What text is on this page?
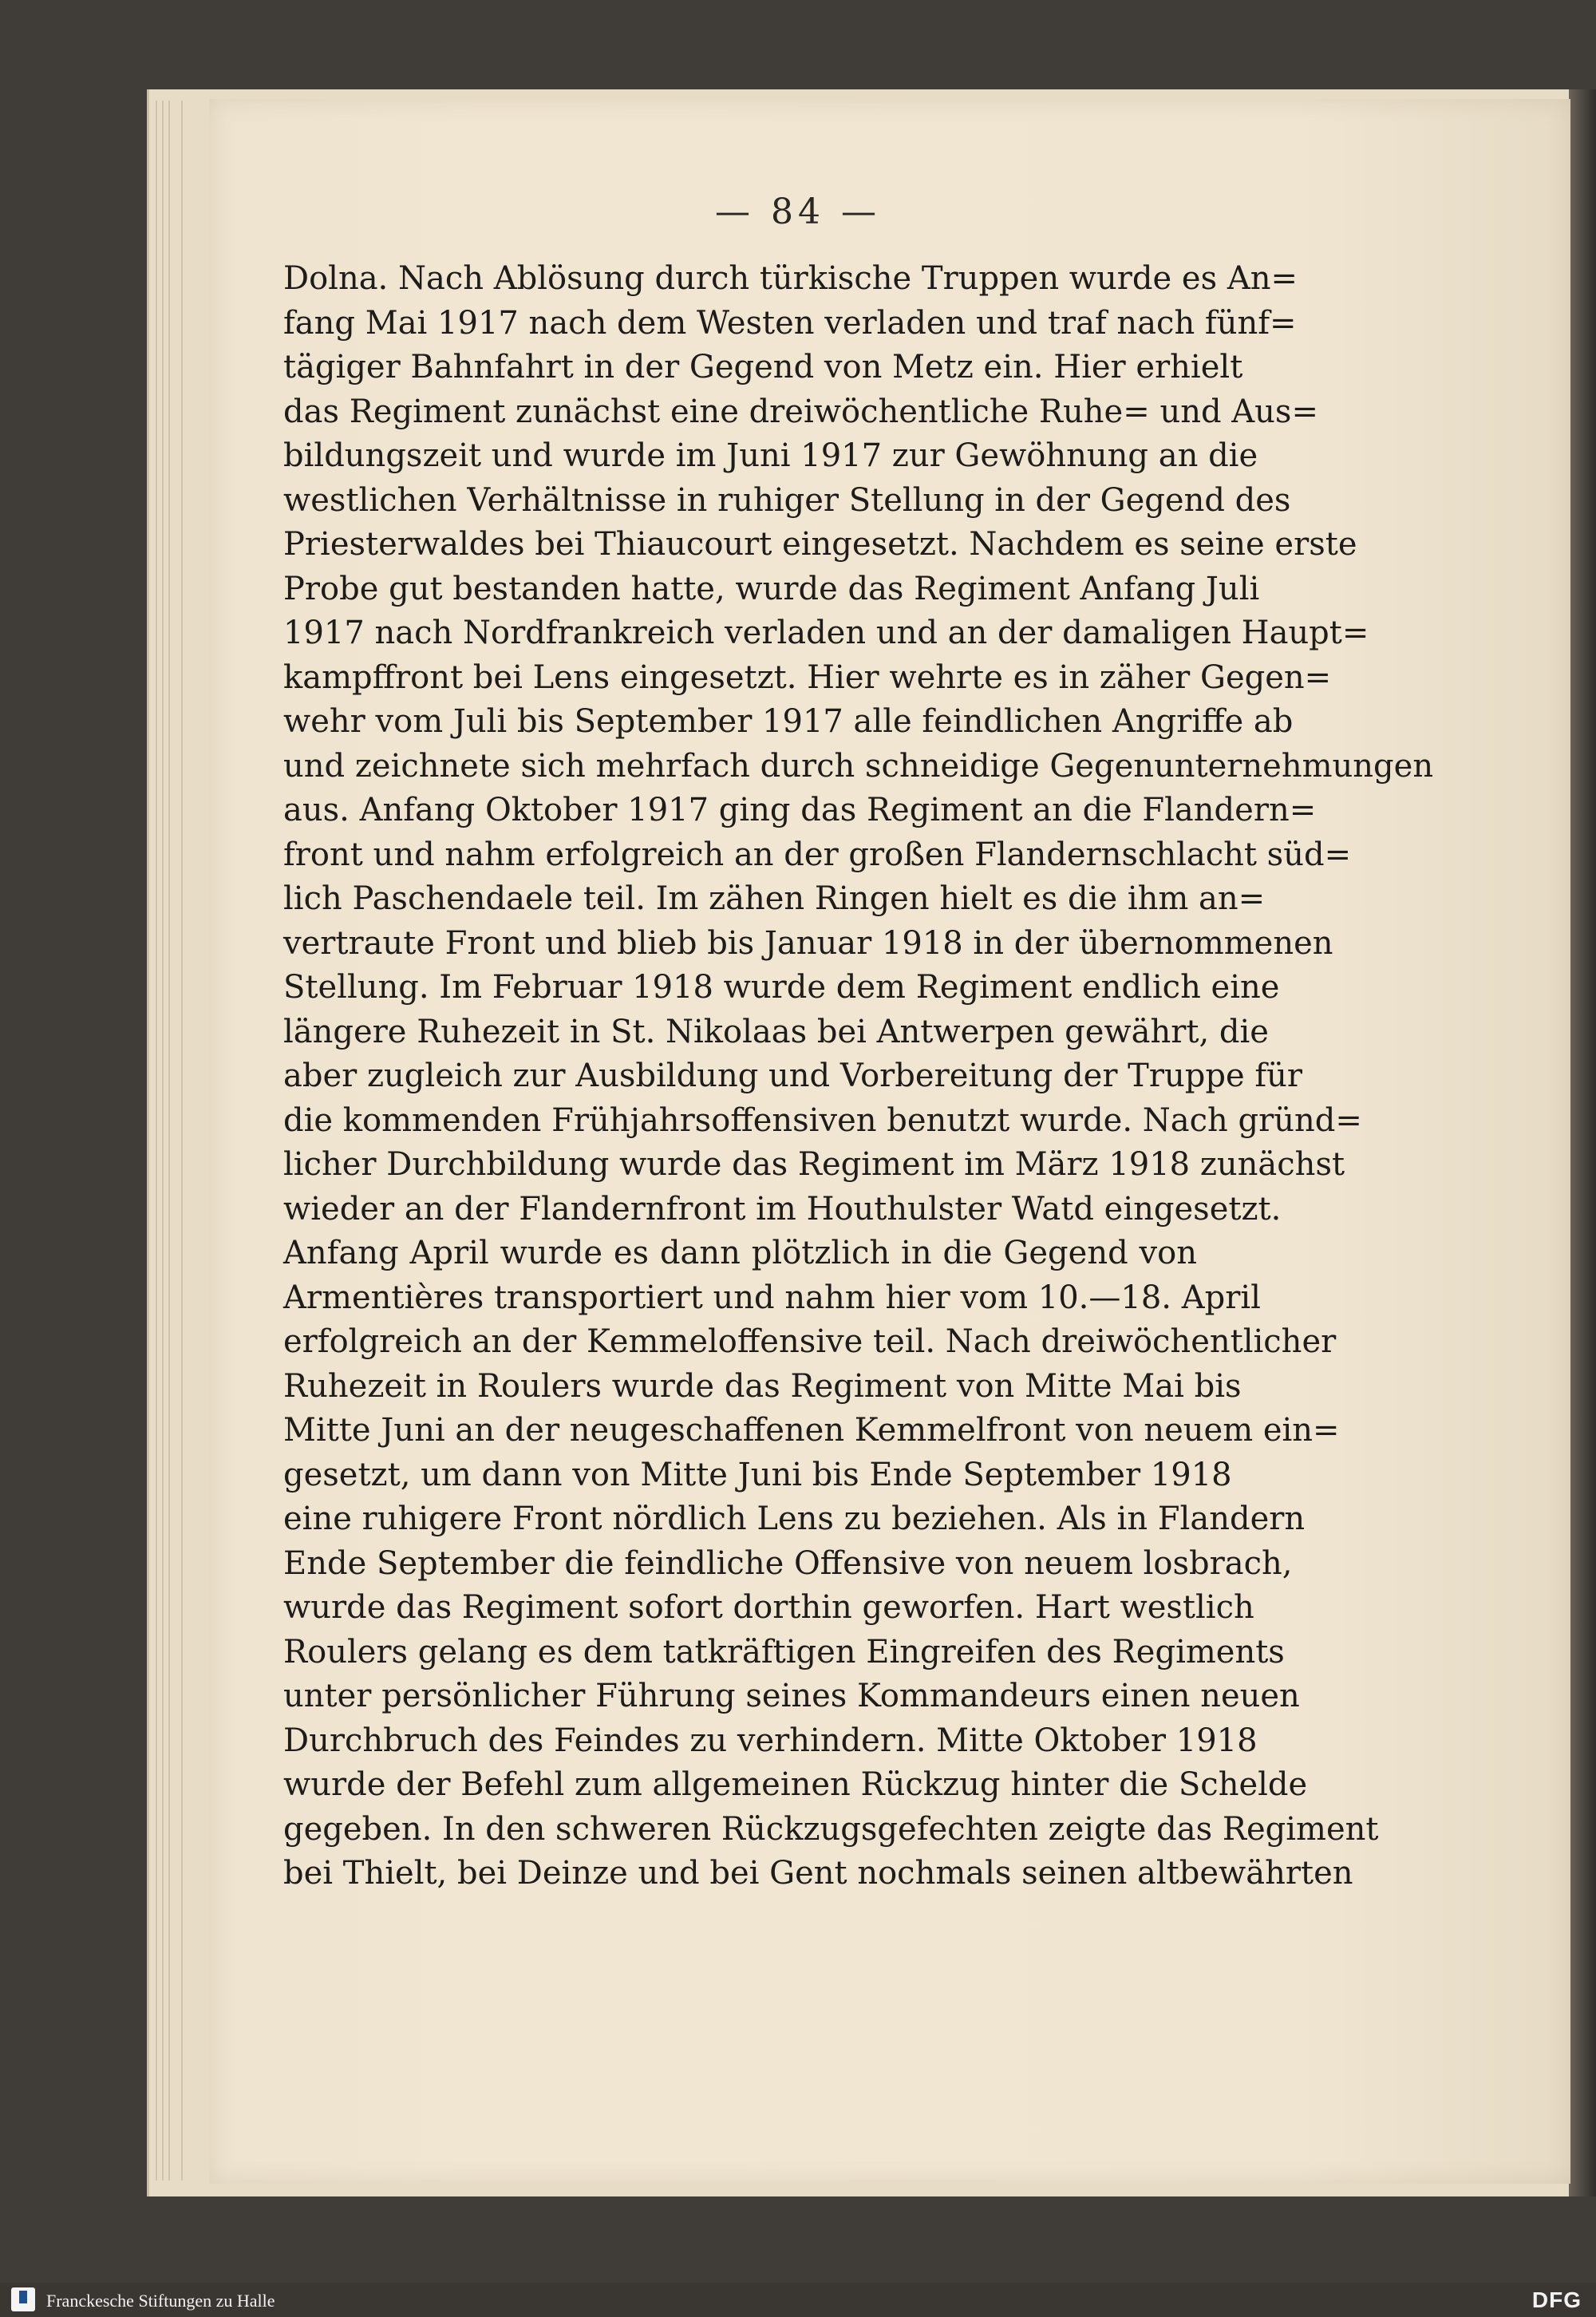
— 84 —
Dolna. Nach Ablösung durch türkische Truppen wurde es An=
fang Mai 1917 nach dem Westen verladen und traf nach fünf=
tägiger Bahnfahrt in der Gegend von Metz ein. Hier erhielt
das Regiment zunächst eine dreiwöchentliche Ruhe= und Aus=
bildungszeit und wurde im Juni 1917 zur Gewöhnung an die
westlichen Verhältnisse in ruhiger Stellung in der Gegend des
Priesterwaldes bei Thiaucourt eingesetzt. Nachdem es seine erste
Probe gut bestanden hatte, wurde das Regiment Anfang Juli
1917 nach Nordfrankreich verladen und an der damaligen Haupt=
kampffront bei Lens eingesetzt. Hier wehrte es in zäher Gegen=
wehr vom Juli bis September 1917 alle feindlichen Angriffe ab
und zeichnete sich mehrfach durch schneidige Gegenunternehmungen
aus. Anfang Oktober 1917 ging das Regiment an die Flandern=
front und nahm erfolgreich an der großen Flandernschlacht süd=
lich Paschendaele teil. Im zähen Ringen hielt es die ihm an=
vertraute Front und blieb bis Januar 1918 in der übernommenen
Stellung. Im Februar 1918 wurde dem Regiment endlich eine
längere Ruhezeit in St. Nikolaas bei Antwerpen gewährt, die
aber zugleich zur Ausbildung und Vorbereitung der Truppe für
die kommenden Frühjahrsoffensiven benutzt wurde. Nach gründ=
licher Durchbildung wurde das Regiment im März 1918 zunächst
wieder an der Flandernfront im Houthulster Watd eingesetzt.
Anfang April wurde es dann plötzlich in die Gegend von
Armentières transportiert und nahm hier vom 10.—18. April
erfolgreich an der Kemmeloffensive teil. Nach dreiwöchentlicher
Ruhezeit in Roulers wurde das Regiment von Mitte Mai bis
Mitte Juni an der neugeschaffenen Kemmelfront von neuem ein=
gesetzt, um dann von Mitte Juni bis Ende September 1918
eine ruhigere Front nördlich Lens zu beziehen. Als in Flandern
Ende September die feindliche Offensive von neuem losbrach,
wurde das Regiment sofort dorthin geworfen. Hart westlich
Roulers gelang es dem tatkräftigen Eingreifen des Regiments
unter persönlicher Führung seines Kommandeurs einen neuen
Durchbruch des Feindes zu verhindern. Mitte Oktober 1918
wurde der Befehl zum allgemeinen Rückzug hinter die Schelde
gegeben. In den schweren Rückzugsgefechten zeigte das Regiment
bei Thielt, bei Deinze und bei Gent nochmals seinen altbewährten
Franckesche Stiftungen zu Halle	DFG
